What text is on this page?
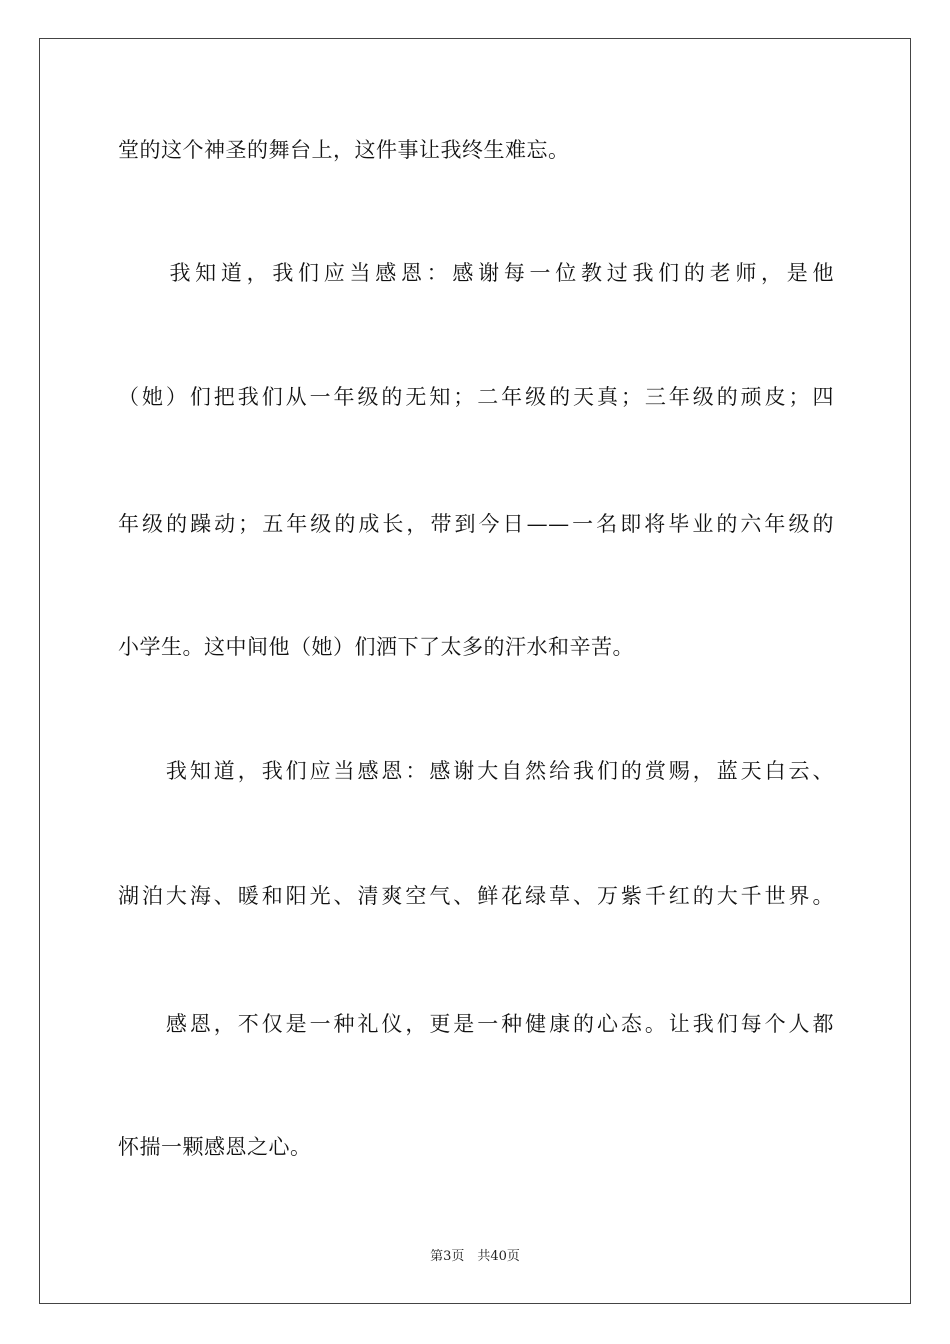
堂的这个神圣的舞台上，这件事让我终生难忘。
　　我知道，我们应当感恩：感谢每一位教过我们的老师，是他
（她）们把我们从一年级的无知；二年级的天真；三年级的顽皮；四
年级的躁动；五年级的成长，带到今日——一名即将毕业的六年级的
小学生。这中间他（她）们洒下了太多的汗水和辛苦。
　　我知道，我们应当感恩：感谢大自然给我们的赏赐，蓝天白云、
湖泊大海、暖和阳光、清爽空气、鲜花绿草、万紫千红的大千世界。
　　感恩，不仅是一种礼仪，更是一种健康的心态。让我们每个人都
怀揣一颗感恩之心。
第3页　共40页
